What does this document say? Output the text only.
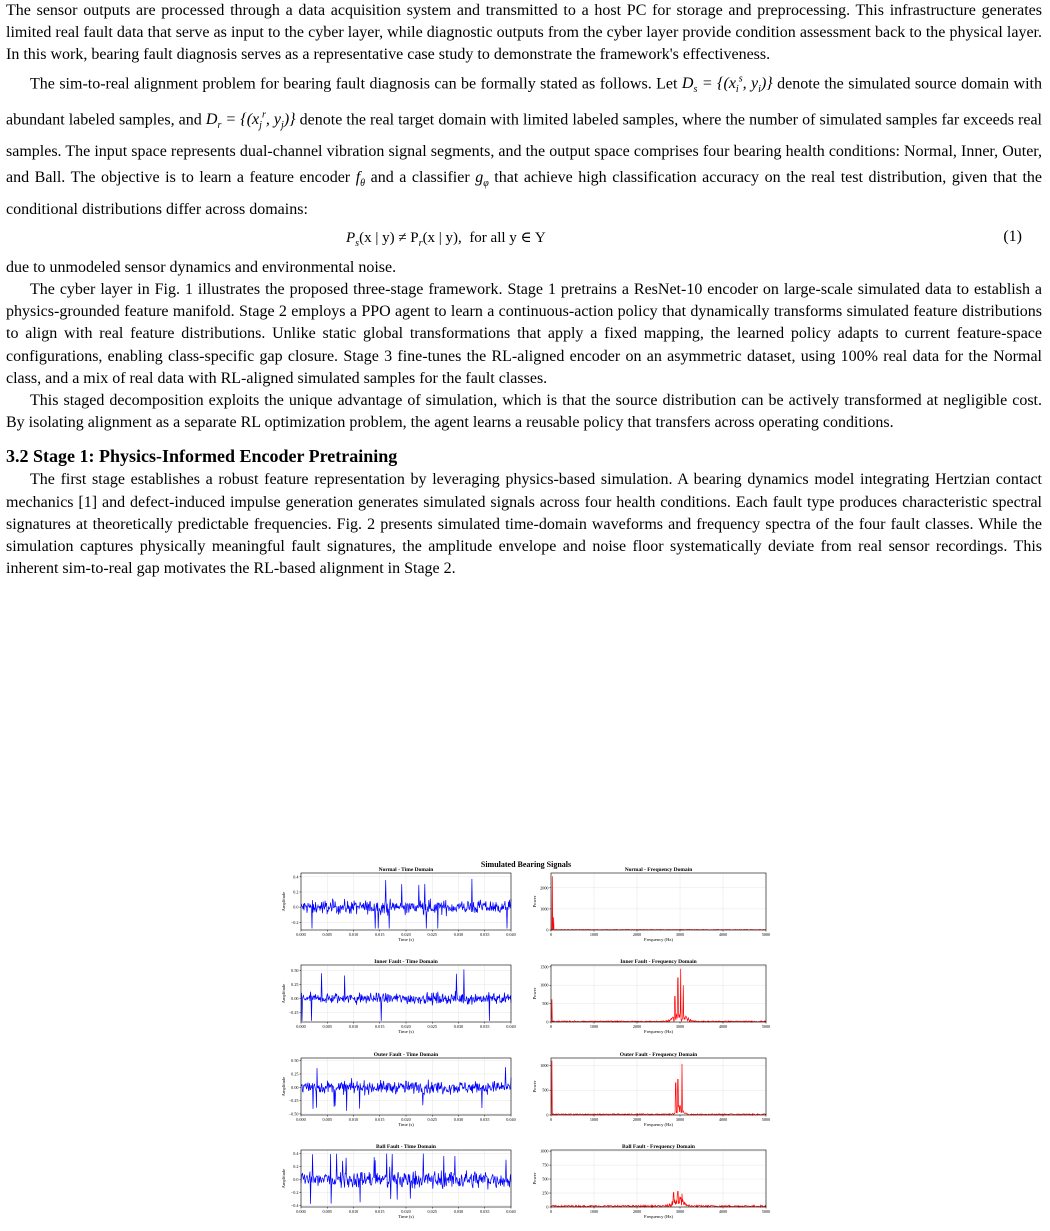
The sensor outputs are processed through a data acquisition system and transmitted to a host PC for storage and preprocessing. This infrastructure generates limited real fault data that serve as input to the cyber layer, while diagnostic outputs from the cyber layer provide condition assessment back to the physical layer. In this work, bearing fault diagnosis serves as a representative case study to demonstrate the framework's effectiveness.

The sim-to-real alignment problem for bearing fault diagnosis can be formally stated as follows. Let $D_s = \{(x_i^s$, $y_i$)} denote the simulated source domain with abundant labeled samples, and $D_r = \{(x_j^r$, $y_j$)} denote the real target domain with limited labeled samples, where the number of simulated samples far exceeds real samples. The input space represents dual-channel vibration signal segments, and the output space comprises four bearing health conditions: Normal, Inner, Outer, and Ball. The objective is to learn a feature encoder $f_\theta$ and a classifier $g_\varphi$ that achieve high classification accuracy on the real test distribution, given that the conditional distributions differ across domains:

$P_s(x$ | $y) \ne P_r(x$ | y), for all y ∈ Y	(1)

due to unmodeled sensor dynamics and environmental noise.

The cyber layer in Fig. 1 illustrates the proposed three-stage framework. Stage 1 pretrains a ResNet-10 encoder on large-scale simulated data to establish a physics-grounded feature manifold. Stage 2 employs a PPO agent to learn a continuous-action policy that dynamically transforms simulated feature distributions to align with real feature distributions. Unlike static global transformations that apply a fixed mapping, the learned policy adapts to current feature-space configurations, enabling class-specific gap closure. Stage 3 fine-tunes the RL-aligned encoder on an asymmetric dataset, using 100% real data for the Normal class, and a mix of real data with RL-aligned simulated samples for the fault classes.

This staged decomposition exploits the unique advantage of simulation, which is that the source distribution can be actively transformed at negligible cost. By isolating alignment as a separate RL optimization problem, the agent learns a reusable policy that transfers across operating conditions.

3.2 Stage 1: Physics-Informed Encoder Pretraining

The first stage establishes a robust feature representation by leveraging physics-based simulation. A bearing dynamics model integrating Hertzian contact mechanics [1] and defect-induced impulse generation generates simulated signals across four health conditions. Each fault type produces characteristic spectral signatures at theoretically predictable frequencies. Fig. 2 presents simulated time-domain waveforms and frequency spectra of the four fault classes. While the simulation captures physically meaningful fault signatures, the amplitude envelope and noise floor systematically deviate from real sensor recordings. This inherent sim-to-real gap motivates the RL-based alignment in Stage 2.

Simulated Bearing Signals
Normal - Time Domain
0.000	0.005	0.010	0.015	0.020	0.025	0.030	0.035	0.040
−0.2
0.0
0.2
0.4
Time (s)
Amplitude
Normal - Frequency Domain
0	1000	2000	3000	4000	5000
0
1000
2000
Frequency (Hz)
Power
Inner Fault - Time Domain
0.000	0.005	0.010	0.015	0.020	0.025	0.030	0.035	0.040
−0.25
0.00
0.25
0.50
Time (s)
Amplitude
Inner Fault - Frequency Domain
0	1000	2000	3000	4000	5000
0
500
1000
1500
Frequency (Hz)
Power
Outer Fault - Time Domain
0.000	0.005	0.010	0.015	0.020	0.025	0.030	0.035	0.040
−0.50
−0.25
0.00
0.25
0.50
Time (s)
Amplitude
Outer Fault - Frequency Domain
0	1000	2000	3000	4000	5000
0
500
1000
Frequency (Hz)
Power
Ball Fault - Time Domain
0.000	0.005	0.010	0.015	0.020	0.025	0.030	0.035	0.040
−0.4
−0.2
0.0
0.2
0.4
Time (s)
Amplitude
Ball Fault - Frequency Domain
0	1000	2000	3000	4000	5000
0
250
500
750
1000
Frequency (Hz)
Power
